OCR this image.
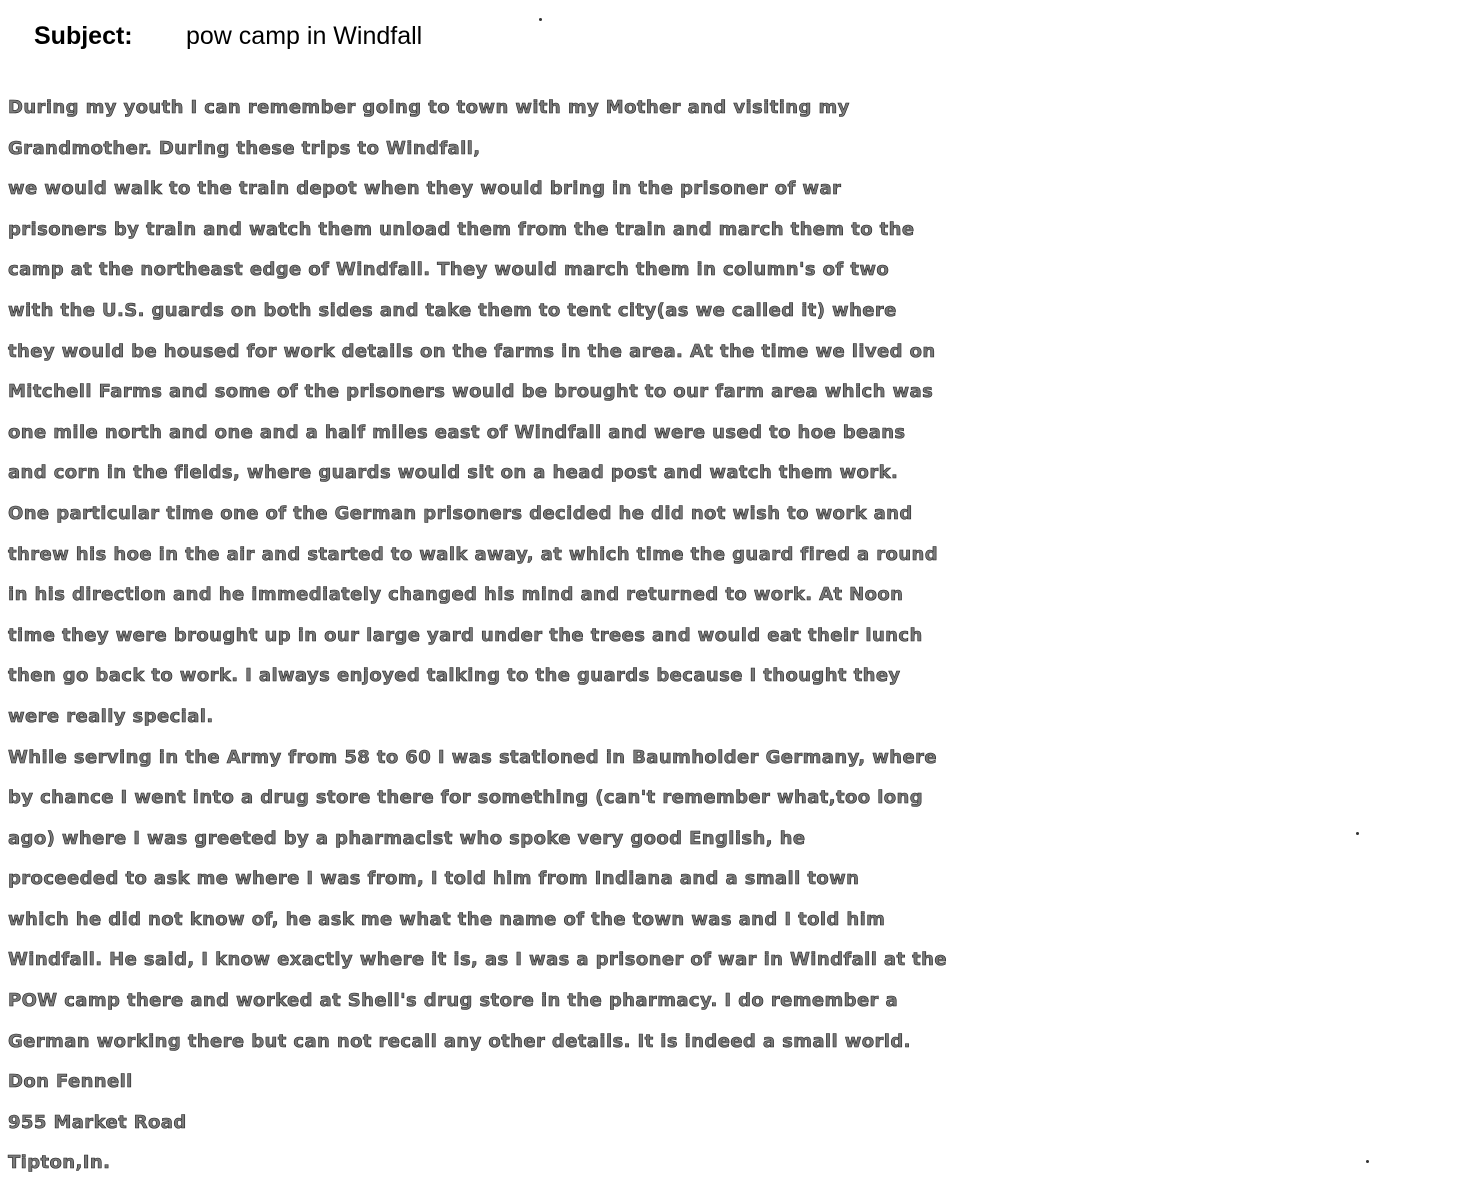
Subject: pow camp in Windfall
During my youth I can remember going to town with my Mother and visiting my
Grandmother. During these trips to Windfall,
we would walk to the train depot when they would bring in the prisoner of war
prisoners by train and watch them unload them from the train and march them to the
camp at the northeast edge of Windfall. They would march them in column's of two
with the U.S. guards on both sides and take them to tent city(as we called it) where
they would be housed for work details on the farms in the area. At the time we lived on
Mitchell Farms and some of the prisoners would be brought to our farm area which was
one mile north and one and a half miles east of Windfall and were used to hoe beans
and corn in the fields, where guards would sit on a head post and watch them work.
One particular time one of the German prisoners decided he did not wish to work and
threw his hoe in the air and started to walk away, at which time the guard fired a round
in his direction and he immediately changed his mind and returned to work. At Noon
time they were brought up in our large yard under the trees and would eat their lunch
then go back to work. I always enjoyed talking to the guards because I thought they
were really special.
While serving in the Army from 58 to 60 I was stationed in Baumholder Germany, where
by chance I went into a drug store there for something (can't remember what,too long
ago) where I was greeted by a pharmacist who spoke very good English, he
proceeded to ask me where I was from, I told him from Indiana and a small town
which he did not know of, he ask me what the name of the town was and I told him
Windfall. He said, I know exactly where it is, as I was a prisoner of war in Windfall at the
POW camp there and worked at Shell's drug store in the pharmacy. I do remember a
German working there but can not recall any other details. It is indeed a small world.
Don Fennell
955 Market Road
Tipton,In.
